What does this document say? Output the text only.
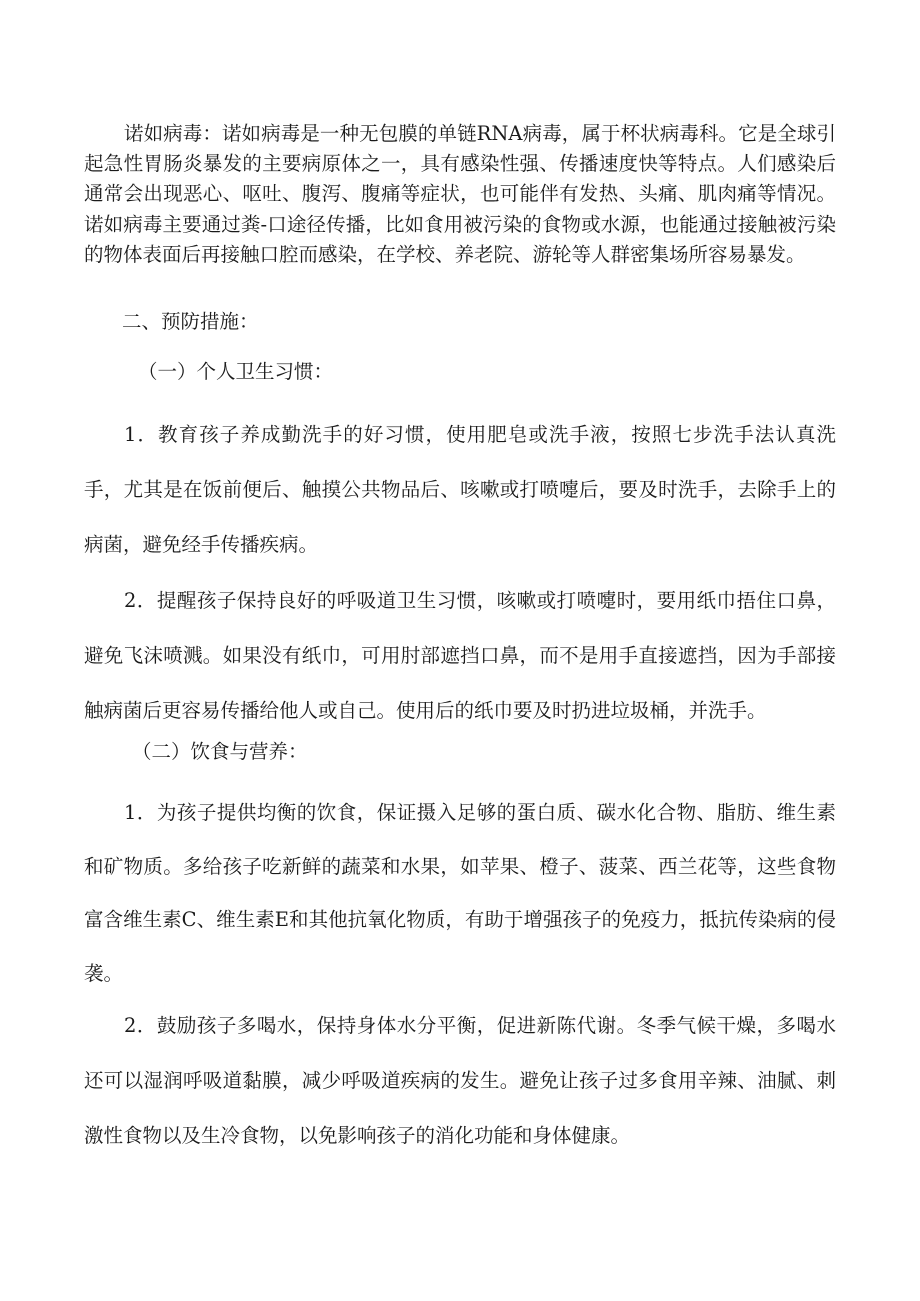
诺如病毒：诺如病毒是一种无包膜的单链RNA病毒，属于杯状病毒科。它是全球引起急性胃肠炎暴发的主要病原体之一，具有感染性强、传播速度快等特点。人们感染后通常会出现恶心、呕吐、腹泻、腹痛等症状，也可能伴有发热、头痛、肌肉痛等情况。诺如病毒主要通过粪-口途径传播，比如食用被污染的食物或水源，也能通过接触被污染的物体表面后再接触口腔而感染，在学校、养老院、游轮等人群密集场所容易暴发。

二、预防措施：

（一）个人卫生习惯：

1．教育孩子养成勤洗手的好习惯，使用肥皂或洗手液，按照七步洗手法认真洗手，尤其是在饭前便后、触摸公共物品后、咳嗽或打喷嚏后，要及时洗手，去除手上的病菌，避免经手传播疾病。

2．提醒孩子保持良好的呼吸道卫生习惯，咳嗽或打喷嚏时，要用纸巾捂住口鼻，避免飞沫喷溅。如果没有纸巾，可用肘部遮挡口鼻，而不是用手直接遮挡，因为手部接触病菌后更容易传播给他人或自己。使用后的纸巾要及时扔进垃圾桶，并洗手。

（二）饮食与营养：

1．为孩子提供均衡的饮食，保证摄入足够的蛋白质、碳水化合物、脂肪、维生素和矿物质。多给孩子吃新鲜的蔬菜和水果，如苹果、橙子、菠菜、西兰花等，这些食物富含维生素C、维生素E和其他抗氧化物质，有助于增强孩子的免疫力，抵抗传染病的侵袭。

2．鼓励孩子多喝水，保持身体水分平衡，促进新陈代谢。冬季气候干燥，多喝水还可以湿润呼吸道黏膜，减少呼吸道疾病的发生。避免让孩子过多食用辛辣、油腻、刺激性食物以及生冷食物，以免影响孩子的消化功能和身体健康。
